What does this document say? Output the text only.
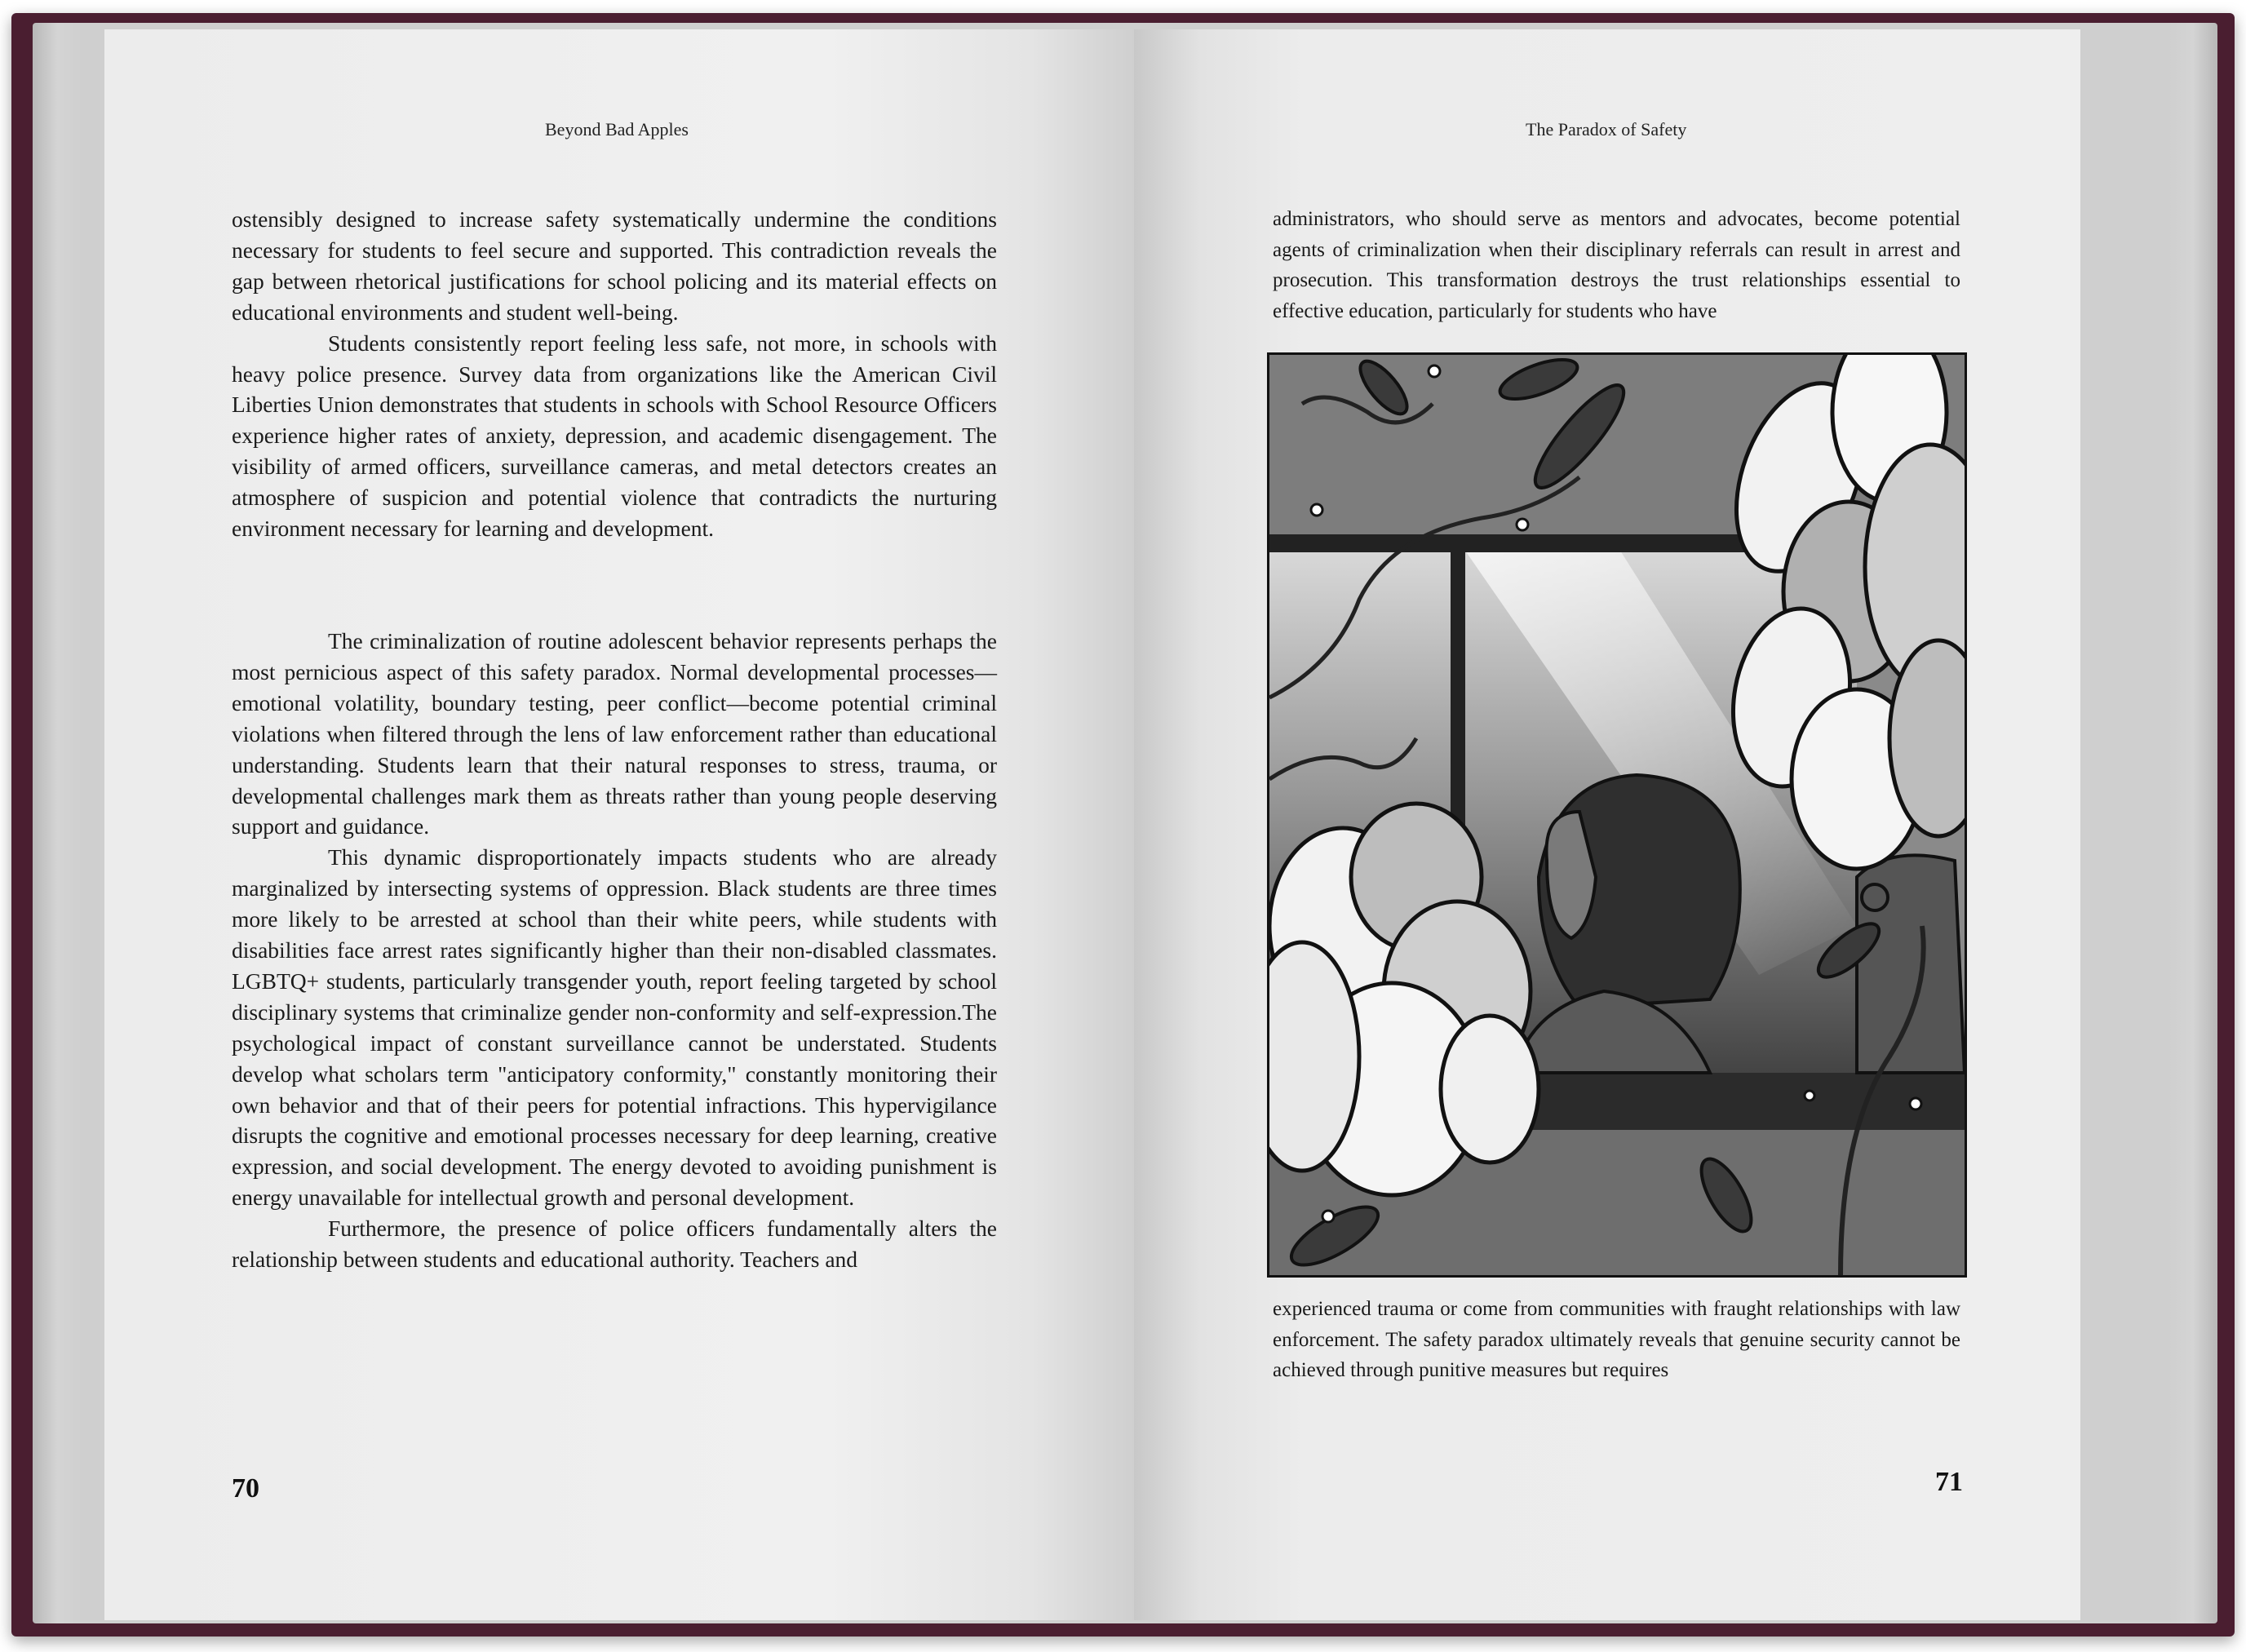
Beyond Bad Apples

ostensibly designed to increase safety systematically undermine the conditions necessary for students to feel secure and supported. This contradiction reveals the gap between rhetorical justifications for school policing and its material effects on educational environments and student well-being.

Students consistently report feeling less safe, not more, in schools with heavy police presence. Survey data from organizations like the American Civil Liberties Union demonstrates that students in schools with School Resource Officers experience higher rates of anxiety, depression, and academic disengagement. The visibility of armed officers, surveillance cameras, and metal detectors creates an atmosphere of suspicion and potential violence that contradicts the nurturing environment necessary for learning and development.

The criminalization of routine adolescent behavior represents perhaps the most pernicious aspect of this safety paradox. Normal developmental processes—emotional volatility, boundary testing, peer conflict—become potential criminal violations when filtered through the lens of law enforcement rather than educational understanding. Students learn that their natural responses to stress, trauma, or developmental challenges mark them as threats rather than young people deserving support and guidance.

This dynamic disproportionately impacts students who are already marginalized by intersecting systems of oppression. Black students are three times more likely to be arrested at school than their white peers, while students with disabilities face arrest rates significantly higher than their non-disabled classmates. LGBTQ+ students, particularly transgender youth, report feeling targeted by school disciplinary systems that criminalize gender non-conformity and self-expression.The psychological impact of constant surveillance cannot be understated. Students develop what scholars term "anticipatory conformity," constantly monitoring their own behavior and that of their peers for potential infractions. This hypervigilance disrupts the cognitive and emotional processes necessary for deep learning, creative expression, and social development. The energy devoted to avoiding punishment is energy unavailable for intellectual growth and personal development.

Furthermore, the presence of police officers fundamentally alters the relationship between students and educational authority. Teachers and

70
The Paradox of Safety

administrators, who should serve as mentors and advocates, become potential agents of criminalization when their disciplinary referrals can result in arrest and prosecution. This transformation destroys the trust relationships essential to effective education, particularly for students who have

experienced trauma or come from communities with fraught relationships with law enforcement. The safety paradox ultimately reveals that genuine security cannot be achieved through punitive measures but requires

71
